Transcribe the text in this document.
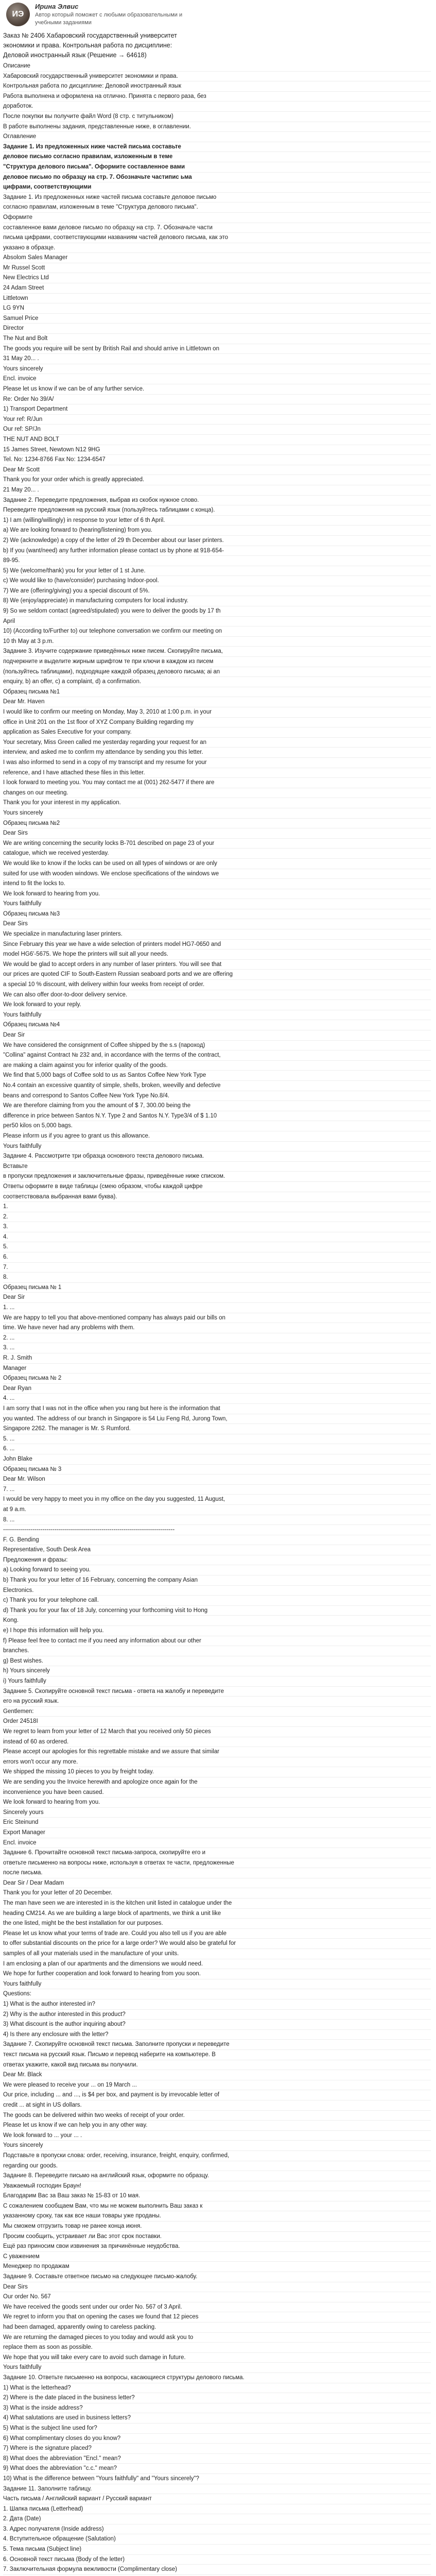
ИЭ
Ирина Элвис
Автор который поможет с любыми образовательными и учебными заданиями
Заказ № 2406 Хабаровский государственный университет
экономики и права. Контрольная работа по дисциплине:
Деловой иностранный язык (Решение → 64618)

Описание

Хабаровский государственный университет экономики и права.

Контрольная работа по дисциплине: Деловой иностранный язык

Работа выполнена и оформлена на отлично. Принята с первого раза, без

доработок.

После покупки вы получите файл Word (8 стр. с титульником)

В работе выполнены задания, представленные ниже, в оглавлении.

Оглавление

Задание 1. Из предложенных ниже частей письма составьте

деловое письмо согласно правилам, изложенным в теме

"Структура делового письма". Оформите составленное вами

деловое письмо по образцу на стр. 7. Обозначьте частипис ьма

цифрами, соответствующими

Задание 1. Из предложенных ниже частей письма составьте деловое письмо

согласно правилам, изложенным в теме "Структура делового письма".

Оформите

составленное вами деловое письмо по образцу на стр. 7. Обозначьте части

письма цифрами, соответствующими названиям частей делового письма, как это

указано в образце.

Absolom Sales Manager

Mr Russel Scott

New Electrics Ltd

24 Adam Street

Littletown

LG 9YN

Samuel Price

Director

The Nut and Bolt

The goods you require will be sent by British Rail and should arrive in Littletown on

31 May 20... .

Yours sincerely

Encl. invoice

Please let us know if we can be of any further service.

Re: Order No 39/A/

1) Transport Department

Your ref: R/Jun

Our ref: SP/Jn

THE NUT AND BOLT

15 James Street, Newtown N12 9HG

Tel. No: 1234-8766 Fax No: 1234-6547

Dear Mr Scott

Thank you for your order which is greatly appreciated.

21 May 20... .

Задание 2. Переведите предложения, выбрав из скобок нужное слово.

Переведите предложения на русский язык (пользуйтесь таблицами с конца).

1) I am (willing/willingly) in response to your letter of 6 th April.

a) We are looking forward to (hearing/listening) from you.

2) We (acknowledge) a copy of the letter of 29 th December about our laser printers.

b) If you (want/need) any further information please contact us by phone at 918-654-

89-95.

5) We (welcome/thank) you for your letter of 1 st June.

c) We would like to (have/consider) purchasing Indoor-pool.

7) We are (offering/giving) you a special discount of 5%.

8) We (enjoy/appreciate) in manufacturing computers for local industry.

9) So we seldom contact (agreed/stipulated) you were to deliver the goods by 17 th

April

10) (According to/Further to) our telephone conversation we confirm our meeting on

10 th May at 3 p.m.

Задание 3. Изучите содержание приведённых ниже писем. Скопируйте письма,

подчеркните и выделите жирным шрифтом те при ключи в каждом из писем

(пользуйтесь таблицами), подходящие каждой образец делового письма; ai an

enquiry, b) an offer, c) a complaint, d) a confirmation.

Образец письма №1

Dear Mr. Haven

I would like to confirm our meeting on Monday, May 3, 2010 at 1:00 p.m. in your

office in Unit 201 on the 1st floor of XYZ Company Building regarding my

application as Sales Executive for your company.

Your secretary, Miss Green called me yesterday regarding your request for an

interview, and asked me to confirm my attendance by sending you this letter.

I was also informed to send in a copy of my transcript and my resume for your

reference, and I have attached these files in this letter.

I look forward to meeting you. You may contact me at (001) 262-5477 if there are

changes on our meeting.

Thank you for your interest in my application.

Yours sincerely

Образец письма №2

Dear Sirs

We are writing concerning the security locks B-701 described on page 23 of your

catalogue, which we received yesterday.

We would like to know if the locks can be used on all types of windows or are only

suited for use with wooden windows. We enclose specifications of the windows we

intend to fit the locks to.

We look forward to hearing from you.

Yours faithfully

Образец письма №3

Dear Sirs

We specialize in manufacturing laser printers.

Since February this year we have a wide selection of printers model HG7-0650 and

model HG6'-5675. We hope the printers will suit all your needs.

We would be glad to accept orders in any number of laser printers. You will see that

our prices are quoted CIF to South-Eastern Russian seaboard ports and we are offering

a special 10 % discount, with delivery within four weeks from receipt of order.

We can also offer door-to-door delivery service.

We look forward to your reply.

Yours faithfully

Образец письма №4

Dear Sir

We have considered the consignment of Coffee shipped by the s.s (пароход)

"Collina" against Contract № 232 and, in accordance with the terms of the contract,

are making a claim against you for inferior quality of the goods.

We find that 5,000 bags of Coffee sold to us as Santos Coffee New York Type

No.4 contain an excessive quantity of simple, shells, broken, weevilly and defective

beans and correspond to Santos Coffee New York Type No.8/4.

We are therefore claiming from you the amount of $ 7, 300.00 being the

difference in price between Santos N.Y. Type 2 and Santos N.Y. Type3/4 of $ 1.10

per50 kilos on 5,000 bags.

Please inform us if you agree to grant us this allowance.

Yours faithfully

Задание 4. Рассмотрите три образца основного текста делового письма.

Вставьте

в пропуски предложения и заключительные фразы, приведённые ниже списком.

Ответы оформите в виде таблицы (смею образом, чтобы каждой цифре

соответствовала выбранная вами буква).

1.

2.

3.

4.

5.

6.

7.

8.

Образец письма № 1

Dear Sir

1. ...

We are happy to tell you that above-mentioned company has always paid our bills on

time. We have never had any problems with them.

2. ...

3. ...

R. J. Smith

Manager

Образец письма № 2

Dear Ryan

4. ...

I am sorry that I was not in the office when you rang but here is the information that

you wanted. The address of our branch in Singapore is 54 Liu Feng Rd, Jurong Town,

Singapore 2262. The manager is Mr. S Rumford.

5. ...

6. ...

John Blake

Образец письма № 3

Dear Mr. Wilson

7. ...

I would be very happy to meet you in my office on the day you suggested, 11 August,

at 9 a.m.

8. ...

---------------------------------------------------------------------------------------

F. G. Bending

Representative, South Desk Area

Предложения и фразы:

a) Looking forward to seeing you.

b) Thank you for your letter of 16 February, concerning the company Asian

Electronics.

c) Thank you for your telephone call.

d) Thank you for your fax of 18 July, concerning your forthcoming visit to Hong

Kong.

e) I hope this information will help you.

f) Please feel free to contact me if you need any information about our other

branches.

g) Best wishes.

h) Yours sincerely

i) Yours faithfully

Задание 5. Скопируйте основной текст письма - ответа на жалобу и переведите

его на русский язык.

Gentlemen:

Order 24518I

We regret to learn from your letter of 12 March that you received only 50 pieces

instead of 60 as ordered.

Please accept our apologies for this regrettable mistake and we assure that similar

errors won't occur any more.

We shipped the missing 10 pieces to you by freight today.

We are sending you the Invoice herewith and apologize once again for the

inconvenience you have been caused.

We look forward to hearing from you.

Sincerely yours

Eric Steinund

Export Manager

Encl. invoice

Задание 6. Прочитайте основной текст письма-запроса, скопируйте его и

ответьте письменно на вопросы ниже, используя в ответах те части, предложенные

после письма.

Dear Sir / Dear Madam

Thank you for your letter of 20 December.

The man have seen we are interested in is the kitchen unit listed in catalogue under the

heading CM214. As we are building a large block of apartments, we think a unit like

the one listed, might be the best installation for our purposes.

Please let us know what your terms of trade are. Could you also tell us if you are able

to offer substantial discounts on the price for a large order? We would also be grateful for

samples of all your materials used in the manufacture of your units.

I am enclosing a plan of our apartments and the dimensions we would need.

We hope for further cooperation and look forward to hearing from you soon.

Yours faithfully

Questions:

1) What is the author interested in?

2) Why is the author interested in this product?

3) What discount is the author inquiring about?

4) Is there any enclosure with the letter?

Задание 7. Скопируйте основной текст письма. Заполните пропуски и переведите

текст письма на русский язык. Письмо и перевод наберите на компьютере. В

ответах укажите, какой вид письма вы получили.

Dear Mr. Black

We were pleased to receive your ... on 19 March ...

Our price, including ... and ..., is $4 per box, and payment is by irrevocable letter of

credit ... at sight in US dollars.

The goods can be delivered within two weeks of receipt of your order.

Please let us know if we can help you in any other way.

We look forward to ... your ... .

Yours sincerely

Подставьте в пропуски слова: order, receiving, insurance, freight, enquiry, confirmed,

regarding our goods.

Задание 8. Переведите письмо на английский язык, оформите по образцу.

Уважаемый господин Браун!

Благодарим Вас за Ваш заказ № 15-83 от 10 мая.

С сожалением сообщаем Вам, что мы не можем выполнить Ваш заказ к

указанному сроку, так как все наши товары уже проданы.

Мы сможем отгрузить товар не ранее конца июня.

Просим сообщить, устраивает ли Вас этот срок поставки.

Ещё раз приносим свои извинения за причинённые неудобства.

С уважением

Менеджер по продажам

Задание 9. Составьте ответное письмо на следующее письмо-жалобу.

Dear Sirs

Our order No. 567

We have received the goods sent under our order No. 567 of 3 April.

We regret to inform you that on opening the cases we found that 12 pieces

had been damaged, apparently owing to careless packing.

We are returning the damaged pieces to you today and would ask you to

replace them as soon as possible.

We hope that you will take every care to avoid such damage in future.

Yours faithfully

Задание 10. Ответьте письменно на вопросы, касающиеся структуры делового письма.

1) What is the letterhead?

2) Where is the date placed in the business letter?

3) What is the inside address?

4) What salutations are used in business letters?

5) What is the subject line used for?

6) What complimentary closes do you know?

7) Where is the signature placed?

8) What does the abbreviation "Encl." mean?

9) What does the abbreviation "c.c." mean?

10) What is the difference between "Yours faithfully" and "Yours sincerely"?

Задание 11. Заполните таблицу.

Часть письма / Английский вариант / Русский вариант

1. Шапка письма (Letterhead)

2. Дата (Date)

3. Адрес получателя (Inside address)

4. Вступительное обращение (Salutation)

5. Тема письма (Subject line)

6. Основной текст письма (Body of the letter)

7. Заключительная формула вежливости (Complimentary close)
